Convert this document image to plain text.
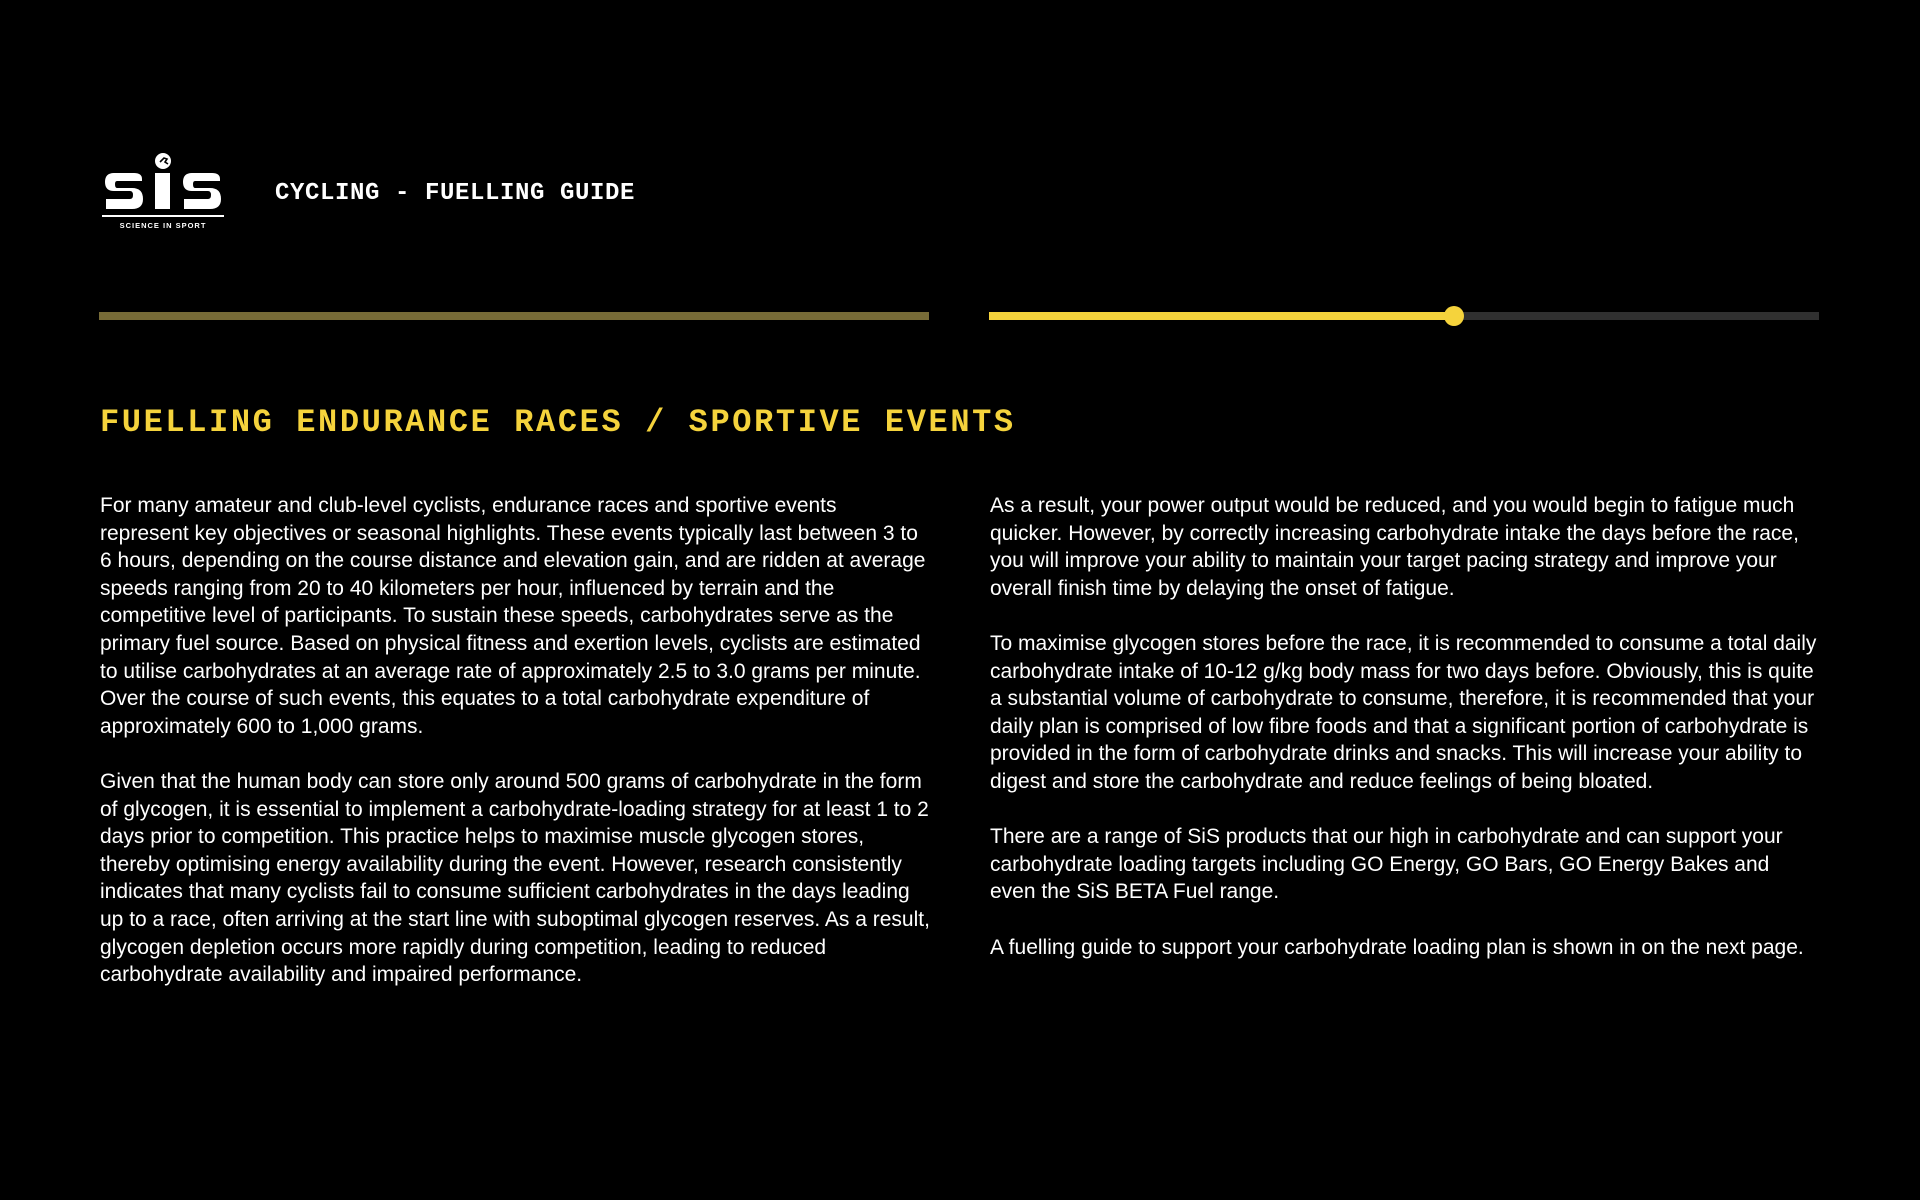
SCIENCE IN SPORT
CYCLING - FUELLING GUIDE
FUELLING ENDURANCE RACES / SPORTIVE EVENTS

For many amateur and club-level cyclists, endurance races and sportive events represent key objectives or seasonal highlights. These events typically last between 3 to 6 hours, depending on the course distance and elevation gain, and are ridden at average speeds ranging from 20 to 40 kilometers per hour, influenced by terrain and the competitive level of participants. To sustain these speeds, carbohydrates serve as the primary fuel source. Based on physical fitness and exertion levels, cyclists are estimated to utilise carbohydrates at an average rate of approximately 2.5 to 3.0 grams per minute. Over the course of such events, this equates to a total carbohydrate expenditure of approximately 600 to 1,000 grams.

Given that the human body can store only around 500 grams of carbohydrate in the form of glycogen, it is essential to implement a carbohydrate-loading strategy for at least 1 to 2 days prior to competition. This practice helps to maximise muscle glycogen stores, thereby optimising energy availability during the event. However, research consistently indicates that many cyclists fail to consume sufficient carbohydrates in the days leading up to a race, often arriving at the start line with suboptimal glycogen reserves. As a result, glycogen depletion occurs more rapidly during competition, leading to reduced carbohydrate availability and impaired performance.

As a result, your power output would be reduced, and you would begin to fatigue much quicker. However, by correctly increasing carbohydrate intake the days before the race, you will improve your ability to maintain your target pacing strategy and improve your overall finish time by delaying the onset of fatigue.

To maximise glycogen stores before the race, it is recommended to consume a total daily carbohydrate intake of 10-12 g/kg body mass for two days before. Obviously, this is quite a substantial volume of carbohydrate to consume, therefore, it is recommended that your daily plan is comprised of low fibre foods and that a significant portion of carbohydrate is provided in the form of carbohydrate drinks and snacks. This will increase your ability to digest and store the carbohydrate and reduce feelings of being bloated.

There are a range of SiS products that our high in carbohydrate and can support your carbohydrate loading targets including GO Energy, GO Bars, GO Energy Bakes and even the SiS BETA Fuel range.

A fuelling guide to support your carbohydrate loading plan is shown in on the next page.
